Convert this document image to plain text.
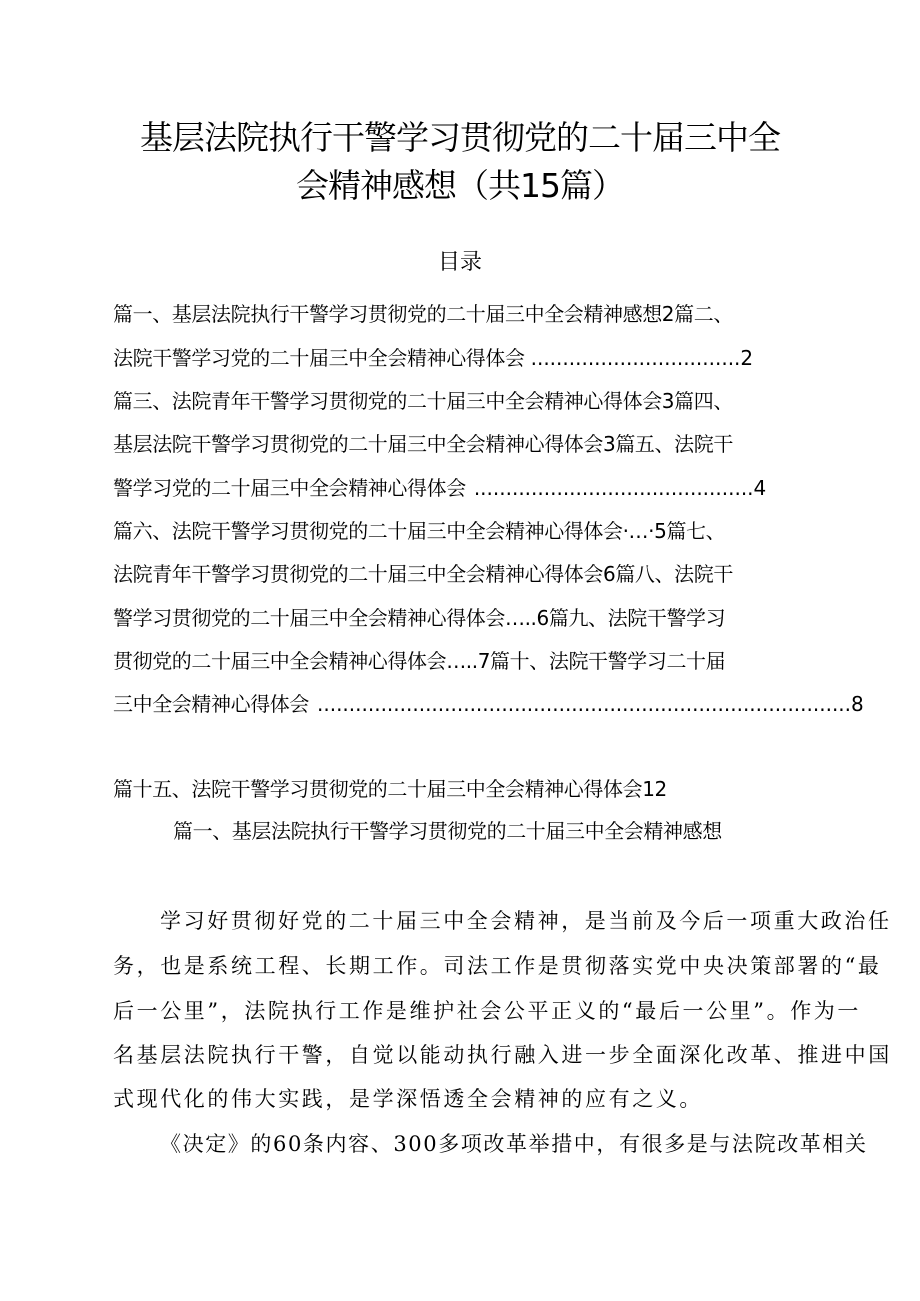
基层法院执行干警学习贯彻党的二十届三中全
会精神感想（共15篇）
目录
篇一、基层法院执行干警学习贯彻党的二十届三中全会精神感想2篇二、
法院干警学习党的二十届三中全会精神心得体会 .................................2
篇三、法院青年干警学习贯彻党的二十届三中全会精神心得体会3篇四、
基层法院干警学习贯彻党的二十届三中全会精神心得体会3篇五、法院干
警学习党的二十届三中全会精神心得体会 ............................................4
篇六、法院干警学习贯彻党的二十届三中全会精神心得体会·…·5篇七、
法院青年干警学习贯彻党的二十届三中全会精神心得体会6篇八、法院干
警学习贯彻党的二十届三中全会精神心得体会…..6篇九、法院干警学习
贯彻党的二十届三中全会精神心得体会…..7篇十、法院干警学习二十届
三中全会精神心得体会 ....................................................................................8
篇十五、法院干警学习贯彻党的二十届三中全会精神心得体会12
篇一、基层法院执行干警学习贯彻党的二十届三中全会精神感想
学习好贯彻好党的二十届三中全会精神，是当前及今后一项重大政治任
务，也是系统工程、长期工作。司法工作是贯彻落实党中央决策部署的“最
后一公里”，法院执行工作是维护社会公平正义的“最后一公里”。作为一
名基层法院执行干警，自觉以能动执行融入进一步全面深化改革、推进中国
式现代化的伟大实践，是学深悟透全会精神的应有之义。
《决定》的60条内容、300多项改革举措中，有很多是与法院改革相关
